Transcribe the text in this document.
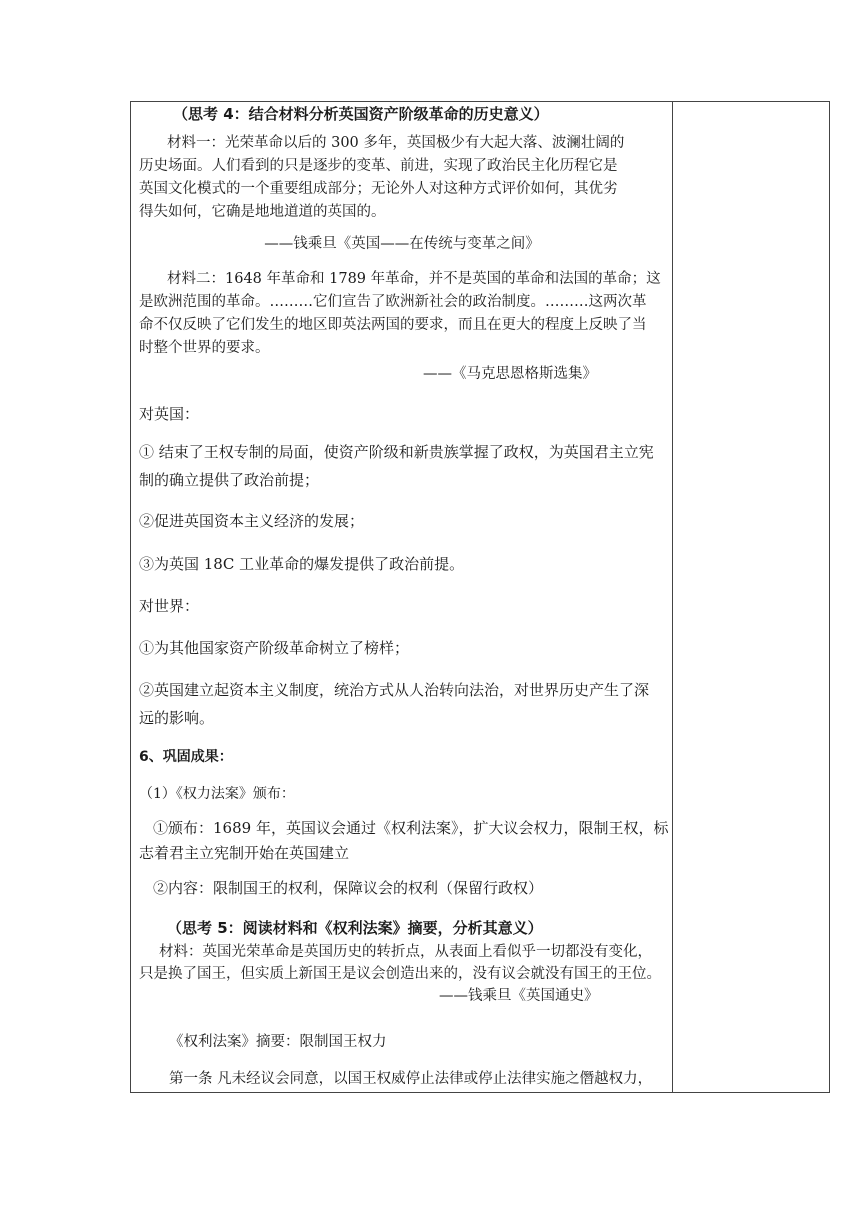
（思考 4：结合材料分析英国资产阶级革命的历史意义）
材料一：光荣革命以后的 300 多年，英国极少有大起大落、波澜壮阔的
历史场面。人们看到的只是逐步的变革、前进，实现了政治民主化历程它是
英国文化模式的一个重要组成部分；无论外人对这种方式评价如何，其优劣
得失如何，它确是地地道道的英国的。
——钱乘旦《英国——在传统与变革之间》
材料二：1648 年革命和 1789 年革命，并不是英国的革命和法国的革命；这
是欧洲范围的革命。………它们宣告了欧洲新社会的政治制度。………这两次革
命不仅反映了它们发生的地区即英法两国的要求，而且在更大的程度上反映了当
时整个世界的要求。
——《马克思恩格斯选集》
对英国：
① 结束了王权专制的局面，使资产阶级和新贵族掌握了政权，为英国君主立宪
制的确立提供了政治前提；
②促进英国资本主义经济的发展；
③为英国 18C 工业革命的爆发提供了政治前提。
对世界：
①为其他国家资产阶级革命树立了榜样；
②英国建立起资本主义制度，统治方式从人治转向法治，对世界历史产生了深
远的影响。
6、巩固成果：
（1）《权力法案》颁布：
①颁布：1689 年，英国议会通过《权利法案》，扩大议会权力，限制王权，标
志着君主立宪制开始在英国建立
②内容：限制国王的权利，保障议会的权利（保留行政权）
（思考 5：阅读材料和《权利法案》摘要，分析其意义）
材料：英国光荣革命是英国历史的转折点，从表面上看似乎一切都没有变化，
只是换了国王，但实质上新国王是议会创造出来的，没有议会就没有国王的王位。
——钱乘旦《英国通史》
《权利法案》摘要：限制国王权力
第一条 凡未经议会同意，以国王权威停止法律或停止法律实施之僭越权力，
